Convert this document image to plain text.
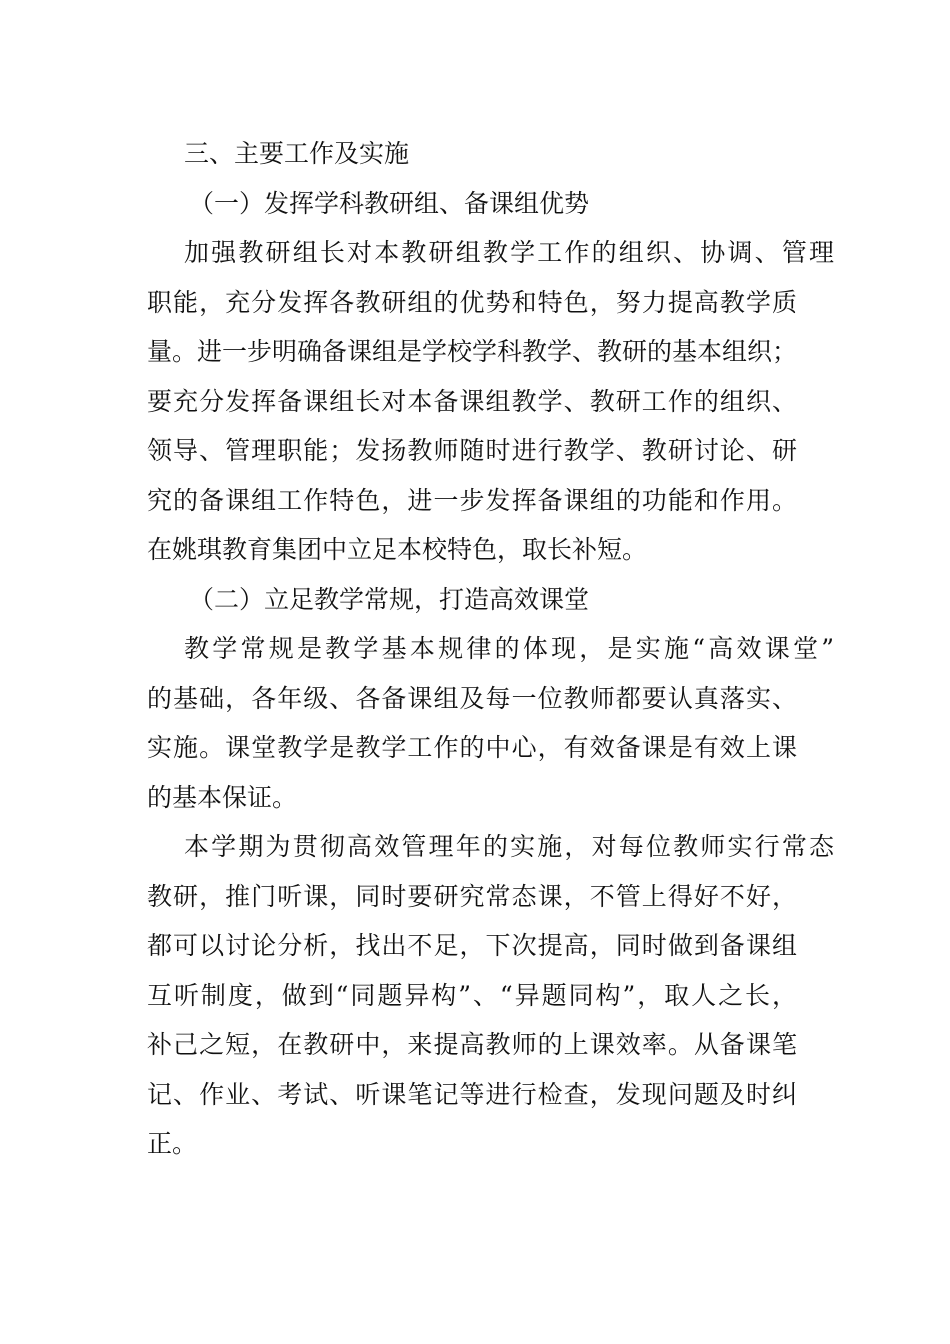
三、主要工作及实施
（一）发挥学科教研组、备课组优势
加强教研组长对本教研组教学工作的组织、协调、管理
职能，充分发挥各教研组的优势和特色，努力提高教学质
量。进一步明确备课组是学校学科教学、教研的基本组织；
要充分发挥备课组长对本备课组教学、教研工作的组织、
领导、管理职能；发扬教师随时进行教学、教研讨论、研
究的备课组工作特色，进一步发挥备课组的功能和作用。
在姚琪教育集团中立足本校特色，取长补短。
（二）立足教学常规，打造高效课堂
教学常规是教学基本规律的体现，是实施“高效课堂”
的基础，各年级、各备课组及每一位教师都要认真落实、
实施。课堂教学是教学工作的中心，有效备课是有效上课
的基本保证。
本学期为贯彻高效管理年的实施，对每位教师实行常态
教研，推门听课，同时要研究常态课，不管上得好不好，
都可以讨论分析，找出不足，下次提高，同时做到备课组
互听制度，做到“同题异构”、“异题同构”，取人之长，
补己之短，在教研中，来提高教师的上课效率。从备课笔
记、作业、考试、听课笔记等进行检查，发现问题及时纠
正。
